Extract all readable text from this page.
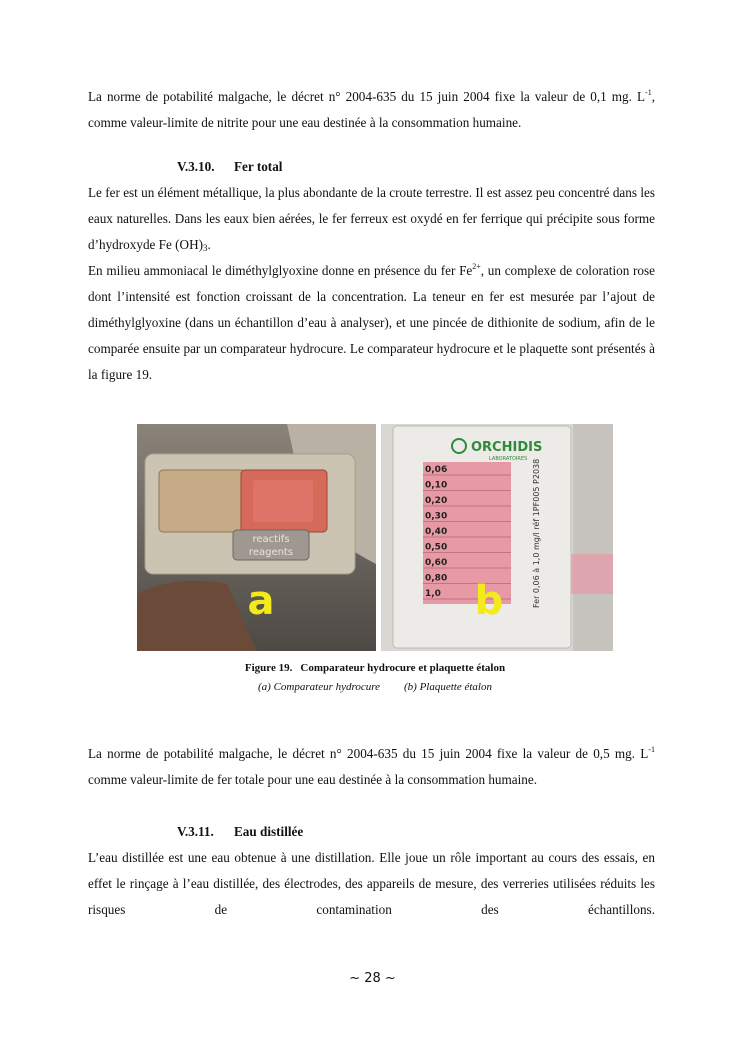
La norme de potabilité malgache, le décret n° 2004-635 du 15 juin 2004 fixe la valeur de 0,1 mg. $L^{-1}$, comme valeur-limite de nitrite pour une eau destinée à la consommation humaine.

V.3.10. Fer total

Le fer est un élément métallique, la plus abondante de la croute terrestre. Il est assez peu concentré dans les eaux naturelles. Dans les eaux bien aérées, le fer ferreux est oxydé en fer ferrique qui précipite sous forme d’hydroxyde Fe $(OH)_3$.

En milieu ammoniacal le diméthylglyoxine donne en présence du fer $Fe^{2+}$, un complexe de coloration rose dont l’intensité est fonction croissant de la concentration. La teneur en fer est mesurée par l’ajout de diméthylglyoxine (dans un échantillon d’eau à analyser), et une pincée de dithionite de sodium, afin de le comparée ensuite par un comparateur hydrocure. Le comparateur hydrocure et le plaquette sont présentés à la figure 19.

reactifs
reagents
a
ORCHIDIS
LABORATOIRES
0,06
0,10
0,20
0,30
0,40
0,50
0,60
0,80
1,0	Fer 0,06 à 1,0 mg/l réf 1PF005 P2038
b
Figure 19. Comparateur hydrocure et plaquette étalon
(a) Comparateur hydrocure (b) Plaquette étalon

La norme de potabilité malgache, le décret n° 2004-635 du 15 juin 2004 fixe la valeur de 0,5 mg. $L^{-1}$ comme valeur-limite de fer totale pour une eau destinée à la consommation humaine.

V.3.11. Eau distillée

L’eau distillée est une eau obtenue à une distillation. Elle joue un rôle important au cours des essais, en effet le rinçage à l’eau distillée, des électrodes, des appareils de mesure, des verreries utilisées réduits les risques de contamination des échantillons.

~ 28 ~
